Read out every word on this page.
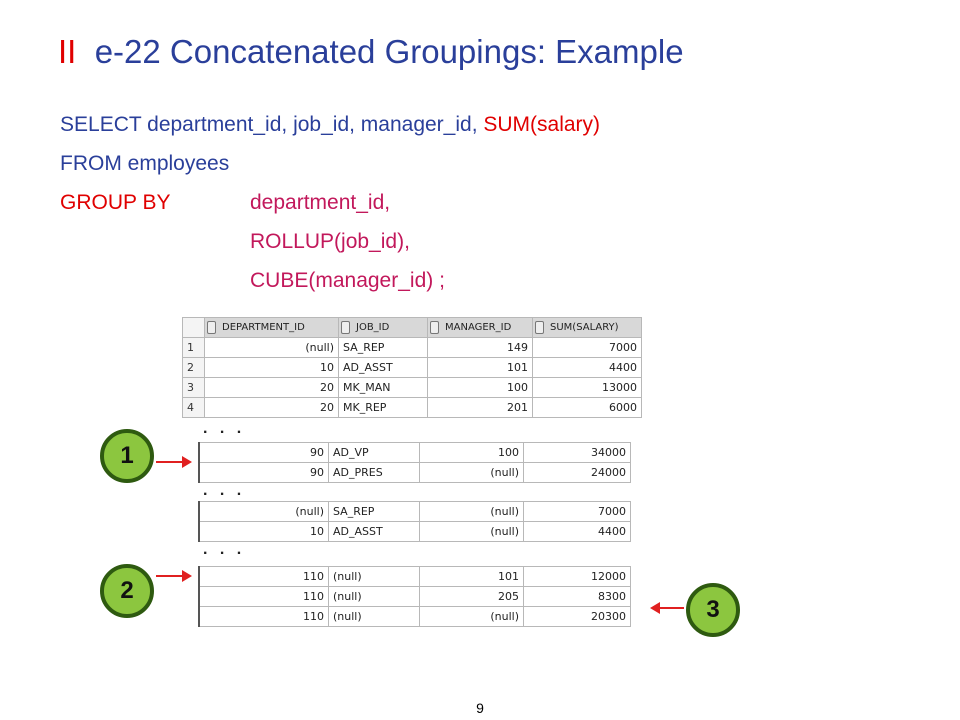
II e-22 Concatenated Groupings: Example
SELECT department_id, job_id, manager_id, SUM(salary)
FROM employees
GROUP BY	department_id,
ROLLUP(job_id),
CUBE(manager_id) ;
	DEPARTMENT_ID	JOB_ID	MANAGER_ID	SUM(SALARY)
1	(null)	SA_REP	149	7000
2	10	AD_ASST	101	4400
3	20	MK_MAN	100	13000
4	20	MK_REP	201	6000
. . .
90	AD_VP	100	34000
90	AD_PRES	(null)	24000
. . .
(null)	SA_REP	(null)	7000
10	AD_ASST	(null)	4400
. . .
110	(null)	101	12000
110	(null)	205	8300
110	(null)	(null)	20300
1
2
3
9
